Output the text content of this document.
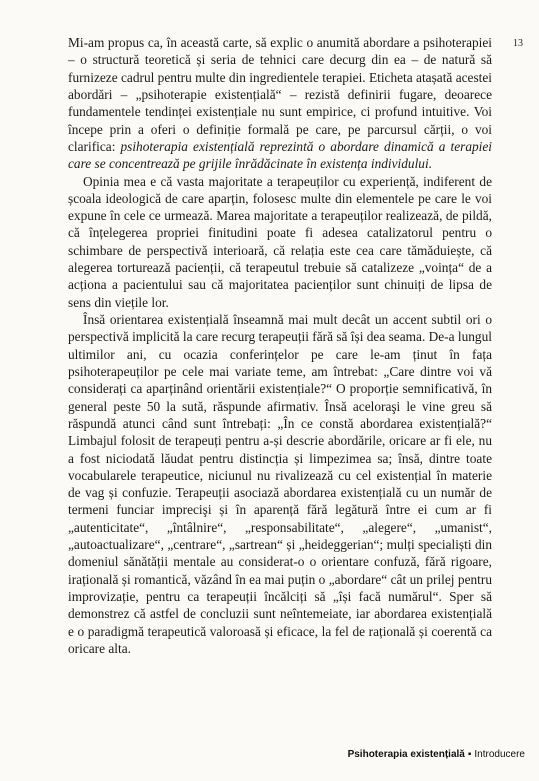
13

Mi-am propus ca, în această carte, să explic o anumită abordare a psihoterapiei – o structură teoretică și seria de tehnici care decurg din ea – de natură să furnizeze cadrul pentru multe din ingredientele terapiei. Eticheta atașată acestei abordări – „psihoterapie existențială“ – rezistă definirii fugare, deoarece fundamentele tendinței existențiale nu sunt empirice, ci profund intuitive. Voi începe prin a oferi o definiție formală pe care, pe parcursul cărții, o voi clarifica: psihoterapia existențială reprezintă o abordare dinamică a terapiei care se concentrează pe grijile înrădăcinate în existența individului.

Opinia mea e că vasta majoritate a terapeuților cu experiență, indiferent de școala ideologică de care aparțin, folosesc multe din elementele pe care le voi expune în cele ce urmează. Marea majoritate a terapeuților realizează, de pildă, că înțelegerea propriei finitudini poate fi adesea catalizatorul pentru o schimbare de perspectivă interioară, că relația este cea care tămăduiește, că alegerea torturează pacienții, că terapeutul trebuie să catalizeze „voința“ de a acționa a pacientului sau că majoritatea pacienților sunt chinuiți de lipsa de sens din viețile lor.

Însă orientarea existențială înseamnă mai mult decât un accent subtil ori o perspectivă implicită la care recurg terapeuții fără să își dea seama. De-a lungul ultimilor ani, cu ocazia conferințelor pe care le-am ținut în fața psihoterapeuților pe cele mai variate teme, am întrebat: „Care dintre voi vă considerați ca aparținând orientării existențiale?“ O proporție semnificativă, în general peste 50 la sută, răspunde afirmativ. Însă aceloraşi le vine greu să răspundă atunci când sunt întrebați: „În ce constă abordarea existențială?“ Limbajul folosit de terapeuți pentru a-și descrie abordările, oricare ar fi ele, nu a fost niciodată lăudat pentru distincția și limpezimea sa; însă, dintre toate vocabularele terapeutice, niciunul nu rivalizează cu cel existențial în materie de vag și confuzie. Terapeuții asociază abordarea existențială cu un număr de termeni funciar imprecişi și în aparență fără legătură între ei cum ar fi „autenticitate“, „întâlnire“, „responsabilitate“, „alegere“, „umanist“, „autoactualizare“, „centrare“, „sartrean“ și „heideggerian“; mulți specialiști din domeniul sănătății mentale au considerat-o o orientare confuză, fără rigoare, irațională și romantică, văzând în ea mai puțin o „abordare“ cât un prilej pentru improvizație, pentru ca terapeuții încălciți să „își facă numărul“. Sper să demonstrez că astfel de concluzii sunt neîntemeiate, iar abordarea existențială e o paradigmă terapeutică valoroasă și eficace, la fel de rațională și coerentă ca oricare alta.

Psihoterapia existențială ▪ Introducere
